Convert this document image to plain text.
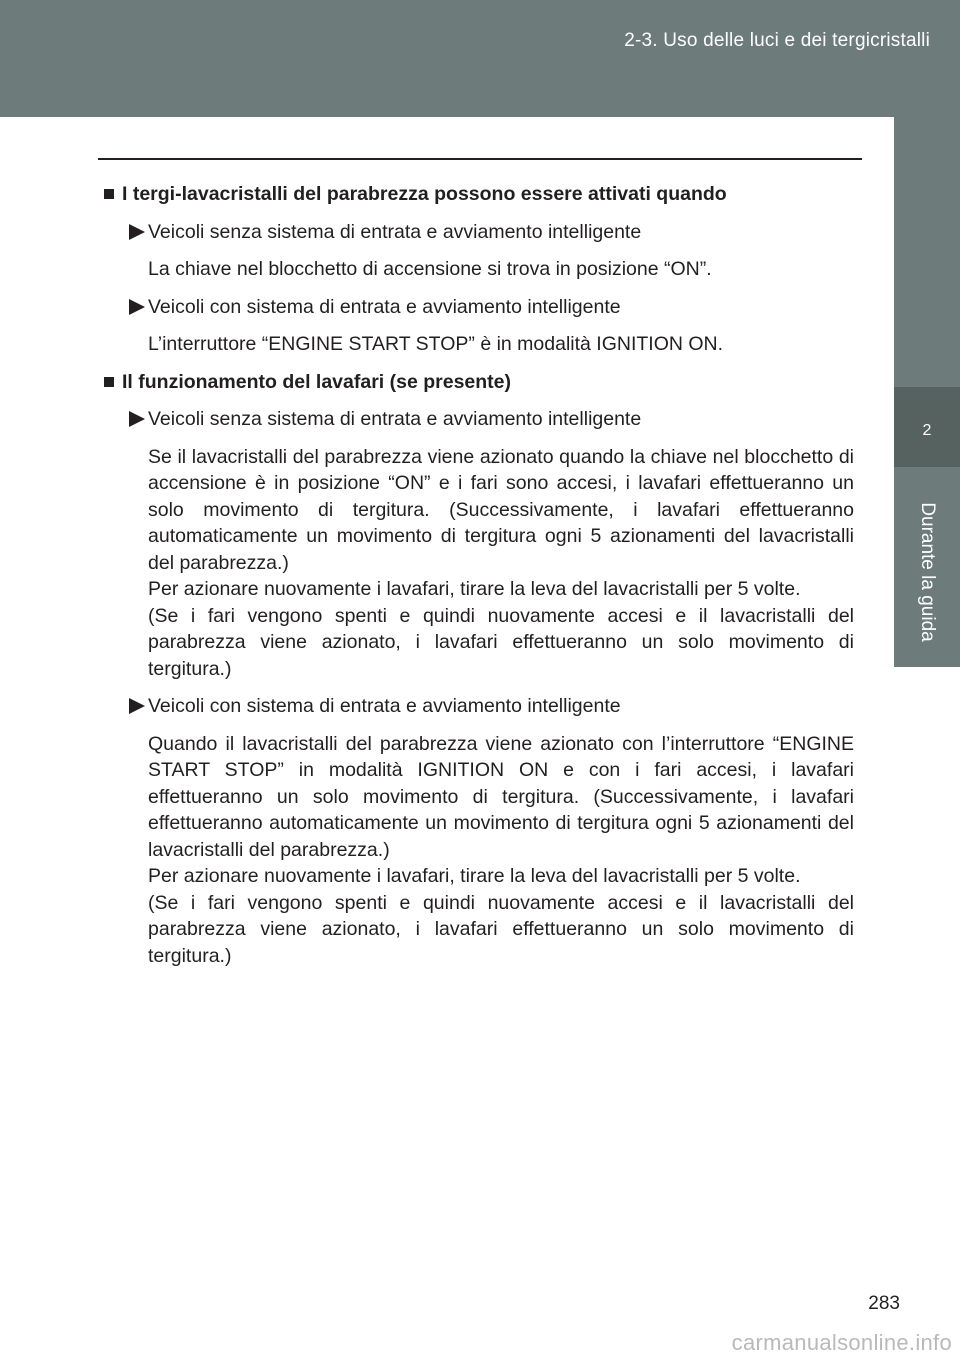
2-3. Uso delle luci e dei tergicristalli
2
Durante la guida
I tergi-lavacristalli del parabrezza possono essere attivati quando
Veicoli senza sistema di entrata e avviamento intelligente
La chiave nel blocchetto di accensione si trova in posizione “ON”.
Veicoli con sistema di entrata e avviamento intelligente
L’interruttore “ENGINE START STOP” è in modalità IGNITION ON.
Il funzionamento del lavafari (se presente)
Veicoli senza sistema di entrata e avviamento intelligente
Se il lavacristalli del parabrezza viene azionato quando la chiave nel blocchetto di accensione è in posizione “ON” e i fari sono accesi, i lavafari effettueranno un solo movimento di tergitura. (Successivamente, i lavafari effettueranno automaticamente un movimento di tergitura ogni 5 azionamenti del lavacristalli del parabrezza.)
Per azionare nuovamente i lavafari, tirare la leva del lavacristalli per 5 volte.
(Se i fari vengono spenti e quindi nuovamente accesi e il lavacristalli del parabrezza viene azionato, i lavafari effettueranno un solo movimento di tergitura.)
Veicoli con sistema di entrata e avviamento intelligente
Quando il lavacristalli del parabrezza viene azionato con l’interruttore “ENGINE START STOP” in modalità IGNITION ON e con i fari accesi, i lavafari effettueranno un solo movimento di tergitura. (Successivamente, i lavafari effettueranno automaticamente un movimento di tergitura ogni 5 azionamenti del lavacristalli del parabrezza.)
Per azionare nuovamente i lavafari, tirare la leva del lavacristalli per 5 volte.
(Se i fari vengono spenti e quindi nuovamente accesi e il lavacristalli del parabrezza viene azionato, i lavafari effettueranno un solo movimento di tergitura.)
283
carmanualsonline.info
